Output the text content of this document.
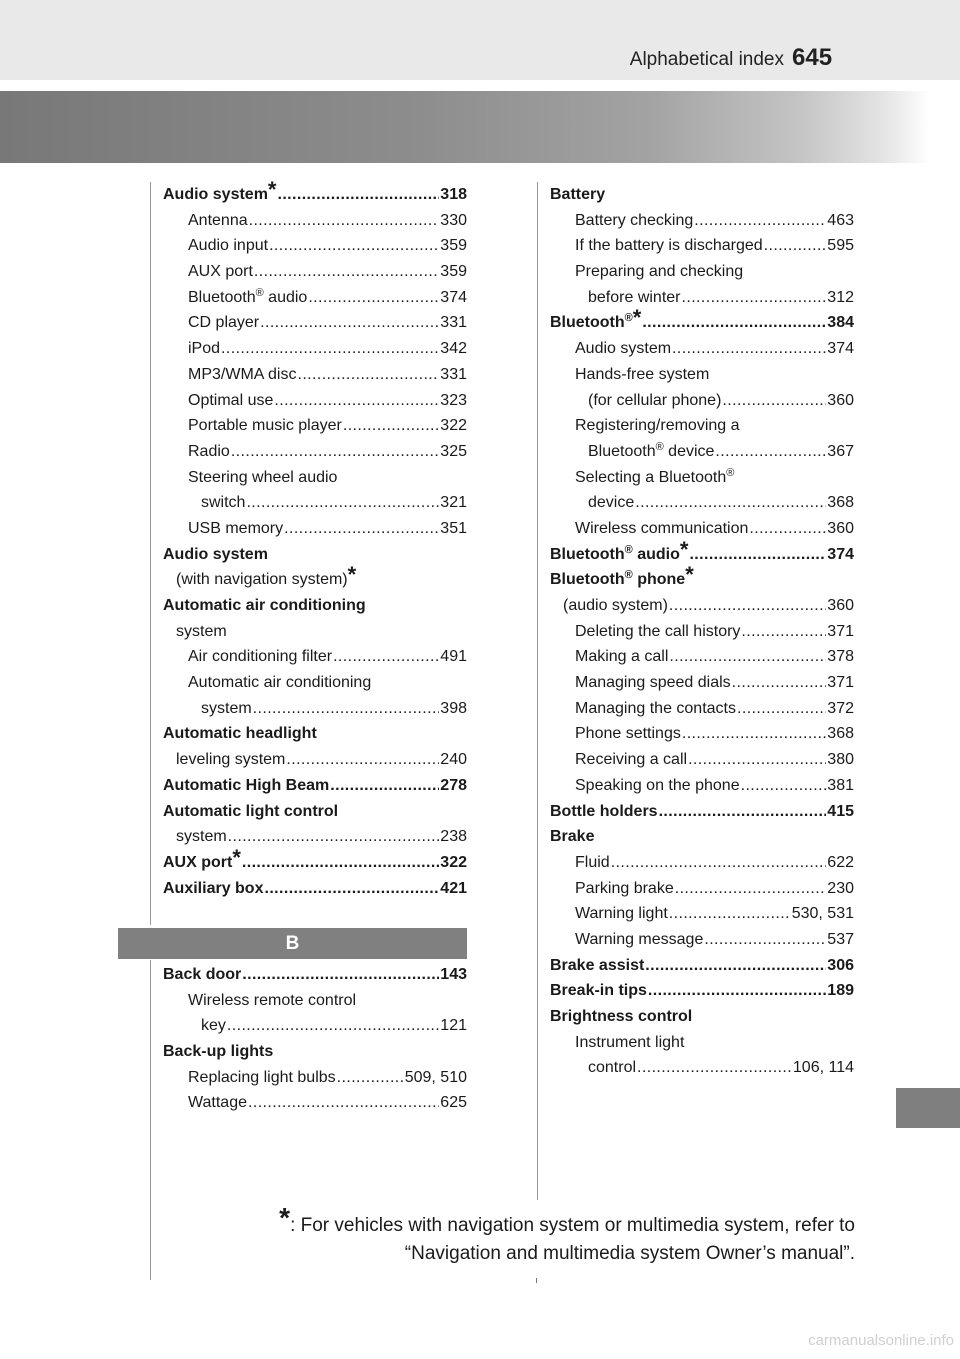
Alphabetical index 645
Audio system* .....	318
Antenna .....	330
Audio input .....	359
AUX port .....	359
Bluetooth® audio .....	374
CD player .....	331
iPod .....	342
MP3/WMA disc .....	331
Optimal use .....	323
Portable music player .....	322
Radio .....	325
Steering wheel audio
switch .....	321
USB memory .....	351
Audio system
(with navigation system)*
Automatic air conditioning
system
Air conditioning filter .....	491
Automatic air conditioning
system .....	398
Automatic headlight
leveling system .....	240
Automatic High Beam .....	278
Automatic light control
system .....	238
AUX port* .....	322
Auxiliary box .....	421
B
Back door .....	143
Wireless remote control
key .....	121
Back-up lights
Replacing light bulbs .....	509, 510
Wattage .....	625
Battery
Battery checking .....	463
If the battery is discharged .....	595
Preparing and checking
before winter .....	312
Bluetooth®* .....	384
Audio system .....	374
Hands-free system
(for cellular phone) .....	360
Registering/removing a
Bluetooth® device .....	367
Selecting a Bluetooth®
device .....	368
Wireless communication .....	360
Bluetooth® audio* .....	374
Bluetooth® phone*
(audio system) .....	360
Deleting the call history .....	371
Making a call .....	378
Managing speed dials .....	371
Managing the contacts .....	372
Phone settings .....	368
Receiving a call .....	380
Speaking on the phone .....	381
Bottle holders .....	415
Brake
Fluid .....	622
Parking brake .....	230
Warning light .....	530, 531
Warning message .....	537
Brake assist .....	306
Break-in tips .....	189
Brightness control
Instrument light
control .....	106, 114
*: For vehicles with navigation system or multimedia system, refer to
“Navigation and multimedia system Owner’s manual”.
carmanualsonline.info
